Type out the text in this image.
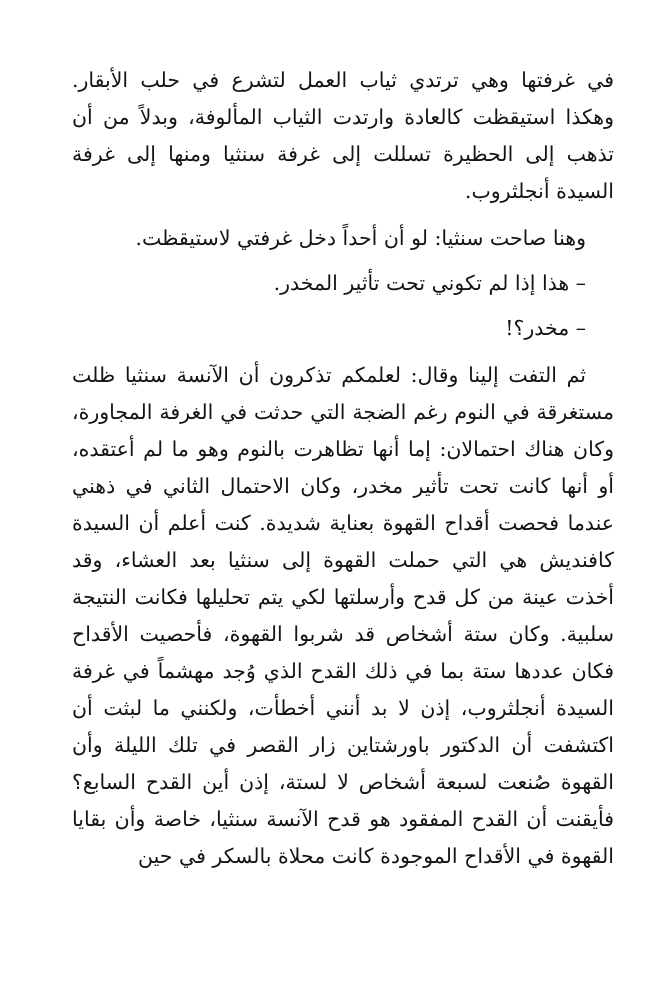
في غرفتها وهي ترتدي ثياب العمل لتشرع في حلب الأبقار. وهكذا استيقظت كالعادة وارتدت الثياب المألوفة، وبدلاً من أن تذهب إلى الحظيرة تسللت إلى غرفة سنثيا ومنها إلى غرفة السيدة أنجلثروب.

وهنا صاحت سنثيا: لو أن أحداً دخل غرفتي لاستيقظت.

– هذا إذا لم تكوني تحت تأثير المخدر.

– مخدر؟!

ثم التفت إلينا وقال: لعلمكم تذكرون أن الآنسة سنثيا ظلت مستغرقة في النوم رغم الضجة التي حدثت في الغرفة المجاورة، وكان هناك احتمالان: إما أنها تظاهرت بالنوم وهو ما لم أعتقده، أو أنها كانت تحت تأثير مخدر، وكان الاحتمال الثاني في ذهني عندما فحصت أقداح القهوة بعناية شديدة. كنت أعلم أن السيدة كافنديش هي التي حملت القهوة إلى سنثيا بعد العشاء، وقد أخذت عينة من كل قدح وأرسلتها لكي يتم تحليلها فكانت النتيجة سلبية. وكان ستة أشخاص قد شربوا القهوة، فأحصيت الأقداح فكان عددها ستة بما في ذلك القدح الذي وُجد مهشماً في غرفة السيدة أنجلثروب، إذن لا بد أنني أخطأت، ولكنني ما لبثت أن اكتشفت أن الدكتور باورشتاين زار القصر في تلك الليلة وأن القهوة صُنعت لسبعة أشخاص لا لستة، إذن أين القدح السابع؟ فأيقنت أن القدح المفقود هو قدح الآنسة سنثيا، خاصة وأن بقايا القهوة في الأقداح الموجودة كانت محلاة بالسكر في حين
